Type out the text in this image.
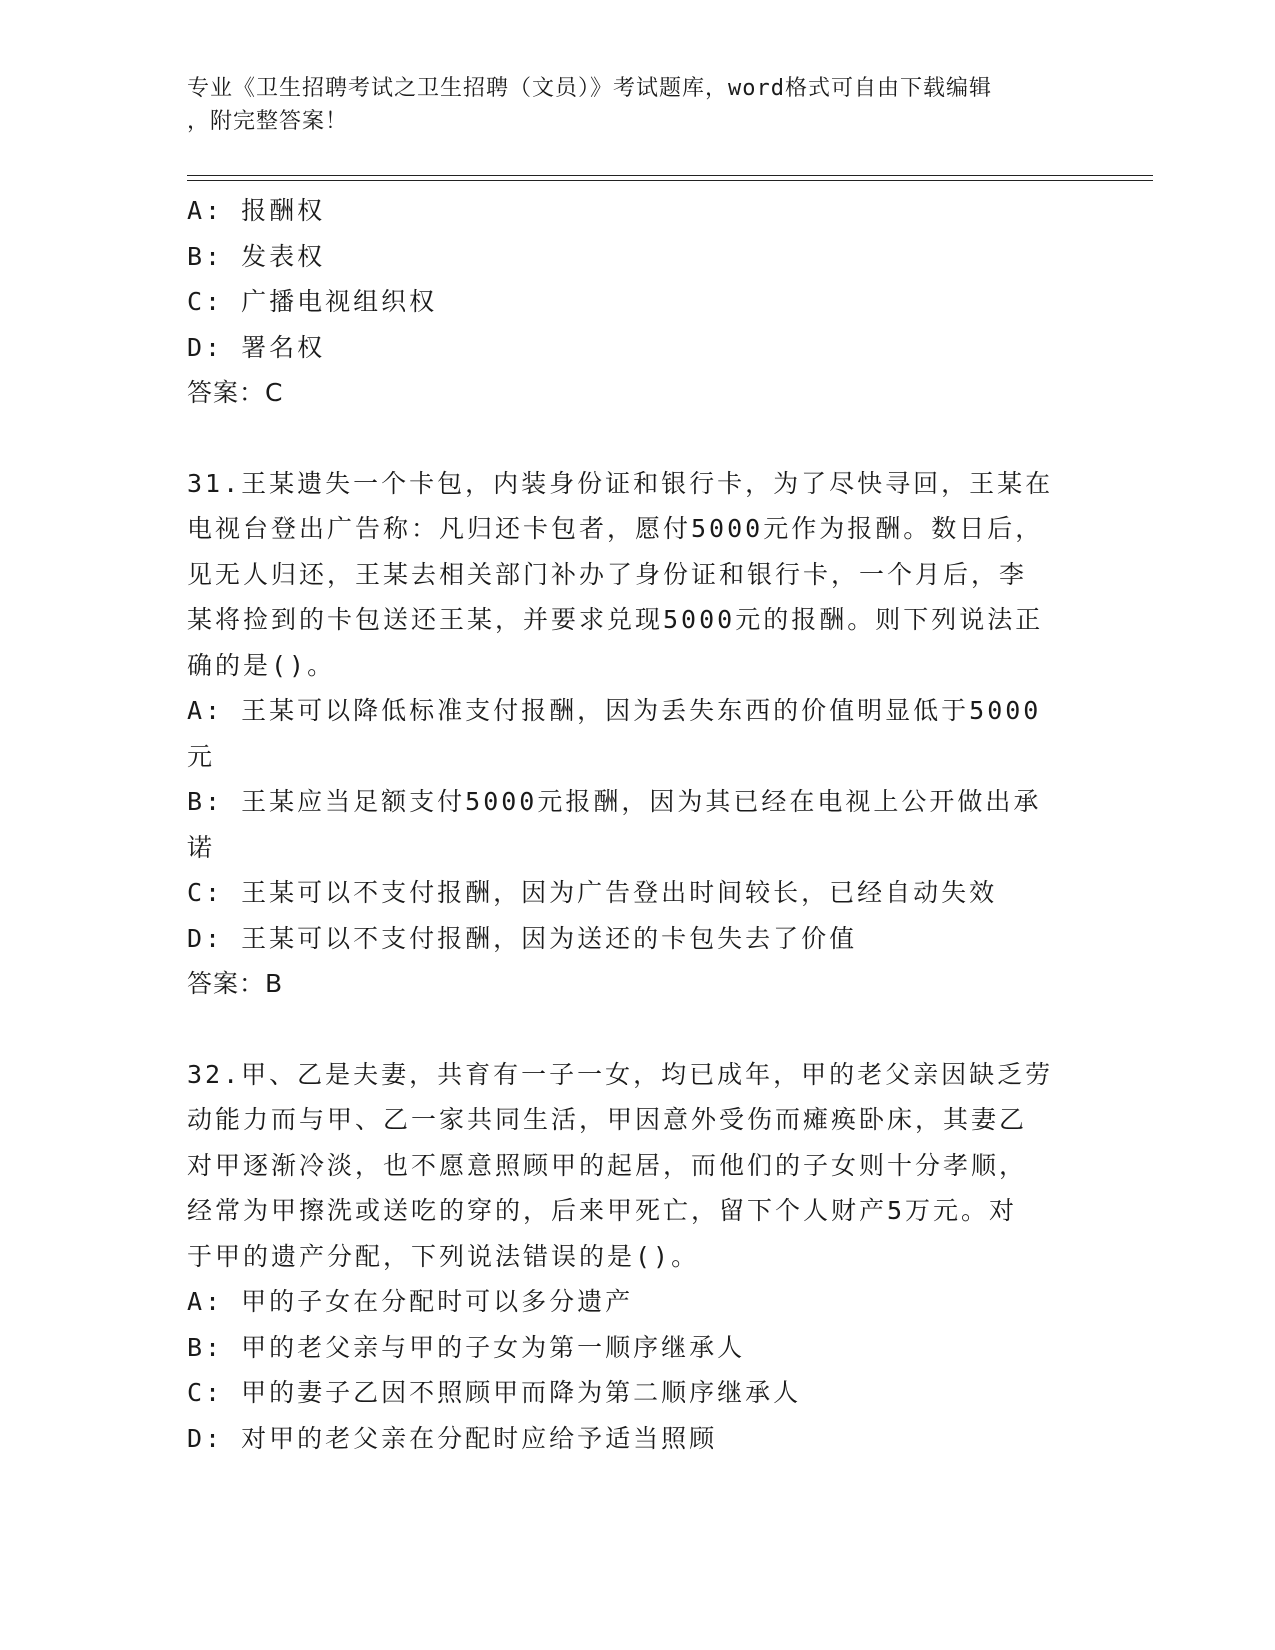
专业《卫生招聘考试之卫生招聘（文员）》考试题库，word格式可自由下载编辑
，附完整答案！
A: 报酬权
B: 发表权
C: 广播电视组织权
D: 署名权
答案：C
31.王某遗失一个卡包，内装身份证和银行卡，为了尽快寻回，王某在
电视台登出广告称：凡归还卡包者，愿付5000元作为报酬。数日后，
见无人归还，王某去相关部门补办了身份证和银行卡，一个月后，李
某将捡到的卡包送还王某，并要求兑现5000元的报酬。则下列说法正
确的是()。
A: 王某可以降低标准支付报酬，因为丢失东西的价值明显低于5000
元
B: 王某应当足额支付5000元报酬，因为其已经在电视上公开做出承
诺
C: 王某可以不支付报酬，因为广告登出时间较长，已经自动失效
D: 王某可以不支付报酬，因为送还的卡包失去了价值
答案：B
32.甲、乙是夫妻，共育有一子一女，均已成年，甲的老父亲因缺乏劳
动能力而与甲、乙一家共同生活，甲因意外受伤而瘫痪卧床，其妻乙
对甲逐渐冷淡，也不愿意照顾甲的起居，而他们的子女则十分孝顺，
经常为甲擦洗或送吃的穿的，后来甲死亡，留下个人财产5万元。对
于甲的遗产分配，下列说法错误的是()。
A: 甲的子女在分配时可以多分遗产
B: 甲的老父亲与甲的子女为第一顺序继承人
C: 甲的妻子乙因不照顾甲而降为第二顺序继承人
D: 对甲的老父亲在分配时应给予适当照顾
